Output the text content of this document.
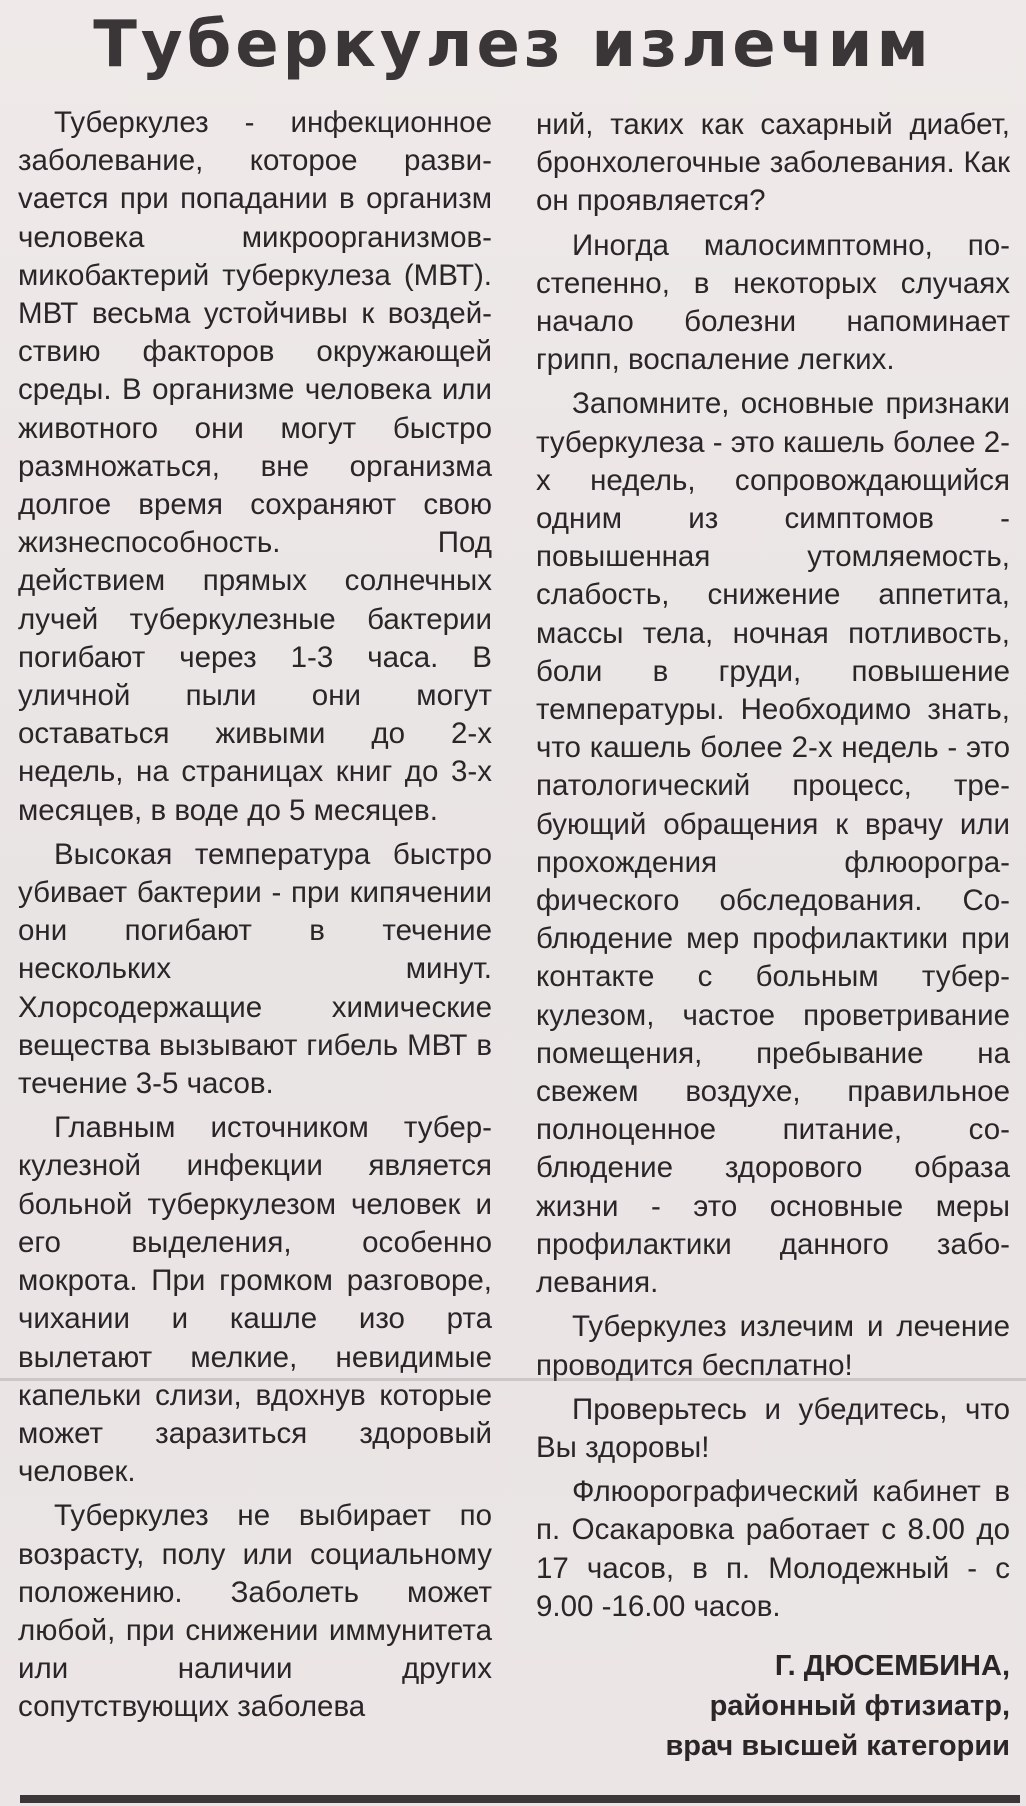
Туберкулез излечим

Туберкулез - инфекционное заболевание, которое развиvается при попадании в организм человека микроорганизмов-микобактерий туберкулеза (МВТ). МВТ весьма устойчивы к воздействию факторов окружающей среды. В организме человека или животного они могут быстро размножаться, вне организма долгое время сохраняют свою жизнеспособность. Под действием прямых солнечных лучей туберкулезные бактерии погибают через 1-3 часа. В уличной пыли они могут оставаться живыми до 2-х недель, на страницах книг до 3-х месяцев, в воде до 5 месяцев.

Высокая температура быстро убивает бактерии - при кипячении они погибают в течение нескольких минут. Хлорсодержащие химические вещества вызывают гибель МВТ в течение 3-5 часов.

Главным источником туберкулезной инфекции является больной туберкулезом человек и его выделения, особенно мокрота. При громком разговоре, чихании и кашле изо рта вылетают мелкие, невидимые капельки слизи, вдохнув которые может заразиться здоровый человек.

Туберкулез не выбирает по возрасту, полу или социальному положению. Заболеть может любой, при снижении иммунитета или наличии других сопутствующих заболева

ний, таких как сахарный диабет, бронхолегочные заболевания. Как он проявляется?

Иногда малосимптомно, постепенно, в некоторых случаях начало болезни напоминает грипп, воспаление легких.

Запомните, основные признаки туберкулеза - это кашель более 2-х недель, сопровождающийся одним из симптомов - повышенная утомляемость, слабость, снижение аппетита, массы тела, ночная потливость, боли в груди, повышение температуры. Необходимо знать, что кашель более 2-х недель - это патологический процесс, требующий обращения к врачу или прохождения флюорографического обследования. Соблюдение мер профилактики при контакте с больным туберкулезом, частое проветривание помещения, пребывание на свежем воздухе, правильное полноценное питание, соблюдение здорового образа жизни - это основные меры профилактики данного заболевания.

Туберкулез излечим и лечение проводится бесплатно!

Проверьтесь и убедитесь, что Вы здоровы!

Флюорографический кабинет в п. Осакаровка работает с 8.00 до 17 часов, в п. Молодежный - с 9.00 -16.00 часов.

Г. ДЮСЕМБИНА,
районный фтизиатр,
врач высшей категории
